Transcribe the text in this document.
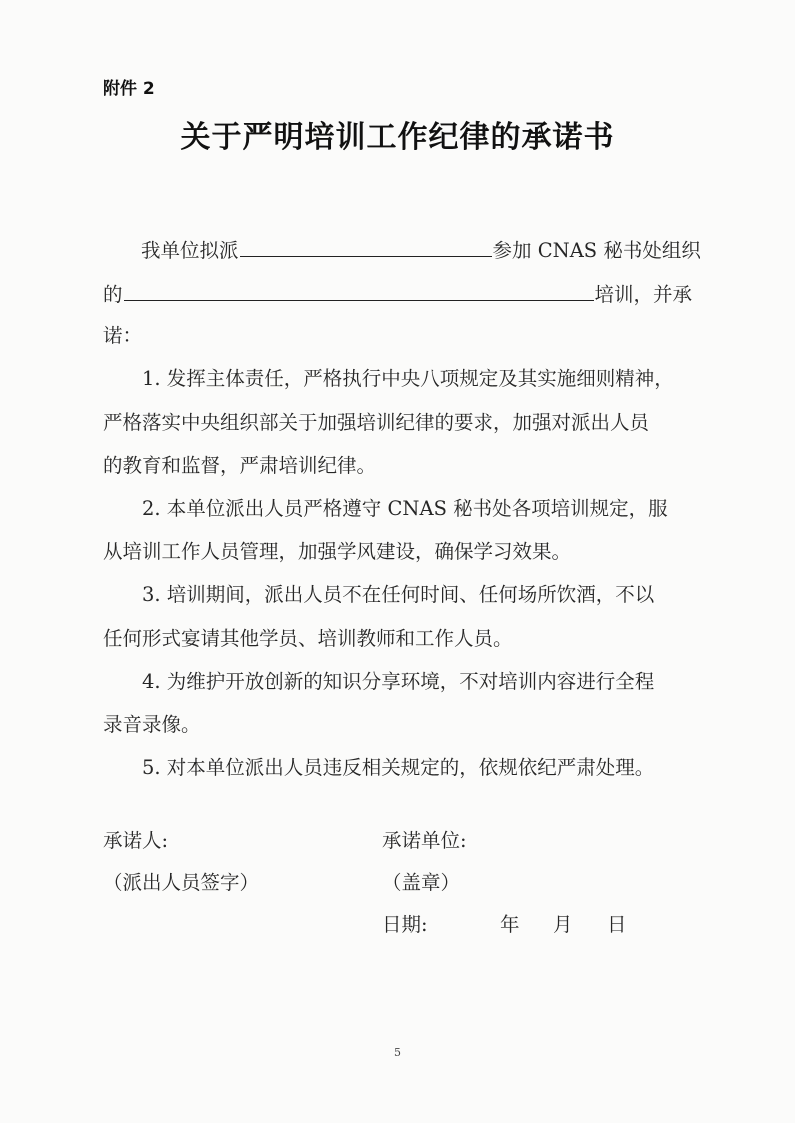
附件 2
关于严明培训工作纪律的承诺书
我单位拟派	参加 CNAS 秘书处组织
的	培训，并承
诺：
1. 发挥主体责任，严格执行中央八项规定及其实施细则精神，
严格落实中央组织部关于加强培训纪律的要求，加强对派出人员
的教育和监督，严肃培训纪律。
2. 本单位派出人员严格遵守 CNAS 秘书处各项培训规定，服
从培训工作人员管理，加强学风建设，确保学习效果。
3. 培训期间，派出人员不在任何时间、任何场所饮酒，不以
任何形式宴请其他学员、培训教师和工作人员。
4. 为维护开放创新的知识分享环境，不对培训内容进行全程
录音录像。
5. 对本单位派出人员违反相关规定的，依规依纪严肃处理。
承诺人:
（派出人员签字）
承诺单位:
（盖章）
日期:	年 月 日
5
